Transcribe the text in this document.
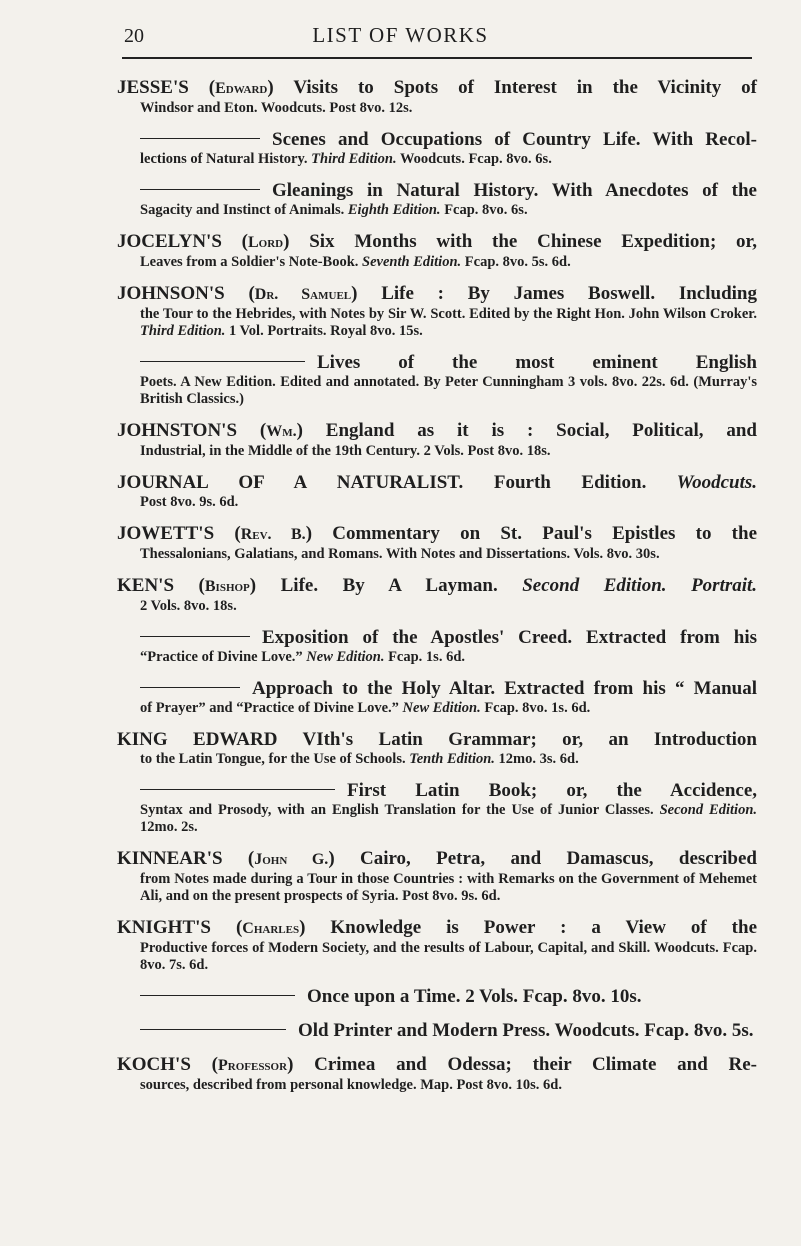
20	LIST OF WORKS
JESSE'S (Edward) Visits to Spots of Interest in the Vicinity of
Windsor and Eton. Woodcuts. Post 8vo. 12s.
Scenes and Occupations of Country Life. With Recol-
lections of Natural History. Third Edition. Woodcuts. Fcap. 8vo. 6s.
Gleanings in Natural History. With Anecdotes of the
Sagacity and Instinct of Animals. Eighth Edition. Fcap. 8vo. 6s.
JOCELYN'S (Lord) Six Months with the Chinese Expedition; or,
Leaves from a Soldier's Note-Book. Seventh Edition. Fcap. 8vo. 5s. 6d.
JOHNSON'S (Dr. Samuel) Life : By James Boswell. Including
the Tour to the Hebrides, with Notes by Sir W. Scott. Edited by the Right Hon. John Wilson Croker. Third Edition. 1 Vol. Portraits. Royal 8vo. 15s.
Lives of the most eminent English
Poets. A New Edition. Edited and annotated. By Peter Cunningham 3 vols. 8vo. 22s. 6d. (Murray's British Classics.)
JOHNSTON'S (Wm.) England as it is : Social, Political, and
Industrial, in the Middle of the 19th Century. 2 Vols. Post 8vo. 18s.
JOURNAL OF A NATURALIST. Fourth Edition. Woodcuts.
Post 8vo. 9s. 6d.
JOWETT'S (Rev. B.) Commentary on St. Paul's Epistles to the
Thessalonians, Galatians, and Romans. With Notes and Dissertations. Vols. 8vo. 30s.
KEN'S (Bishop) Life. By A Layman. Second Edition. Portrait.
2 Vols. 8vo. 18s.
Exposition of the Apostles' Creed. Extracted from his
“Practice of Divine Love.” New Edition. Fcap. 1s. 6d.
Approach to the Holy Altar. Extracted from his “ Manual
of Prayer” and “Practice of Divine Love.” New Edition. Fcap. 8vo. 1s. 6d.
KING EDWARD VIth's Latin Grammar; or, an Introduction
to the Latin Tongue, for the Use of Schools. Tenth Edition. 12mo. 3s. 6d.
First Latin Book; or, the Accidence,
Syntax and Prosody, with an English Translation for the Use of Junior Classes. Second Edition. 12mo. 2s.
KINNEAR'S (John G.) Cairo, Petra, and Damascus, described
from Notes made during a Tour in those Countries : with Remarks on the Government of Mehemet Ali, and on the present prospects of Syria. Post 8vo. 9s. 6d.
KNIGHT'S (Charles) Knowledge is Power : a View of the
Productive forces of Modern Society, and the results of Labour, Capital, and Skill. Woodcuts. Fcap. 8vo. 7s. 6d.
Once upon a Time. 2 Vols. Fcap. 8vo. 10s.
Old Printer and Modern Press. Woodcuts. Fcap. 8vo. 5s.
KOCH'S (Professor) Crimea and Odessa; their Climate and Re-
sources, described from personal knowledge. Map. Post 8vo. 10s. 6d.
